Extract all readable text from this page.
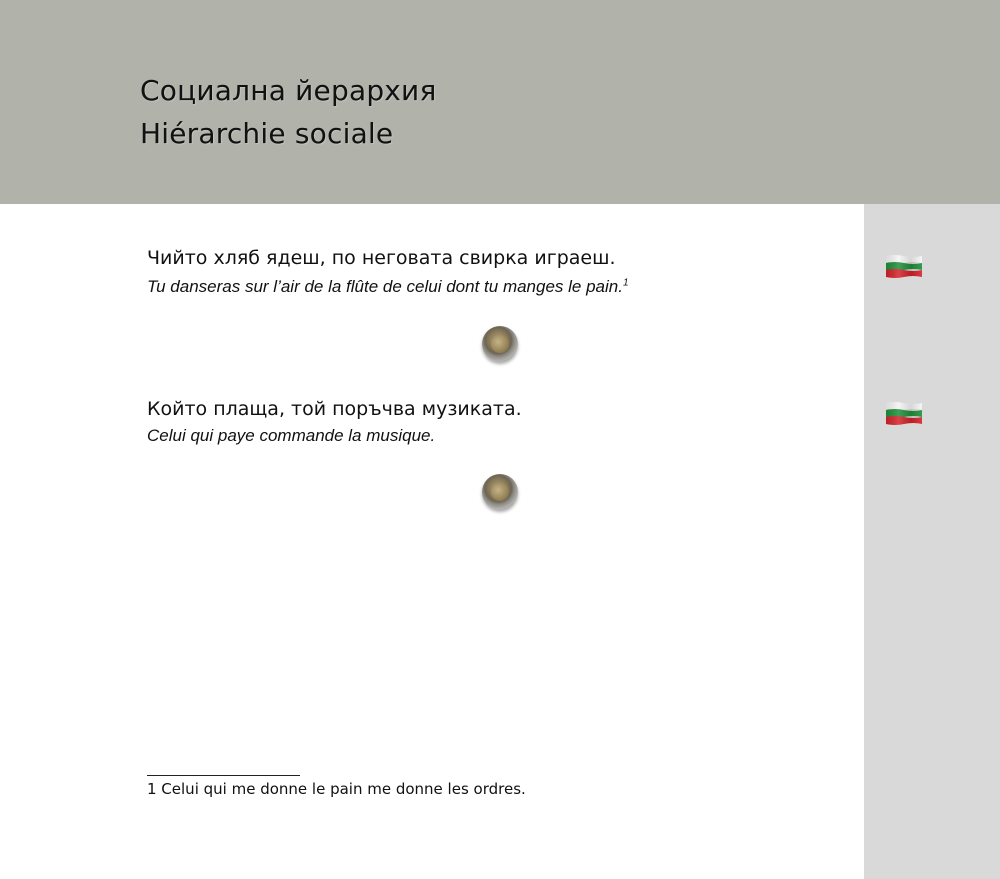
Социална йерархия
Hiérarchie sociale
Чийто хляб ядеш, по неговата свирка играеш.
Tu danseras sur l’air de la flûte de celui dont tu manges le pain.$^1$
Който плаща, той поръчва музиката.
Celui qui paye commande la musique.
1 Celui qui me donne le pain me donne les ordres.
